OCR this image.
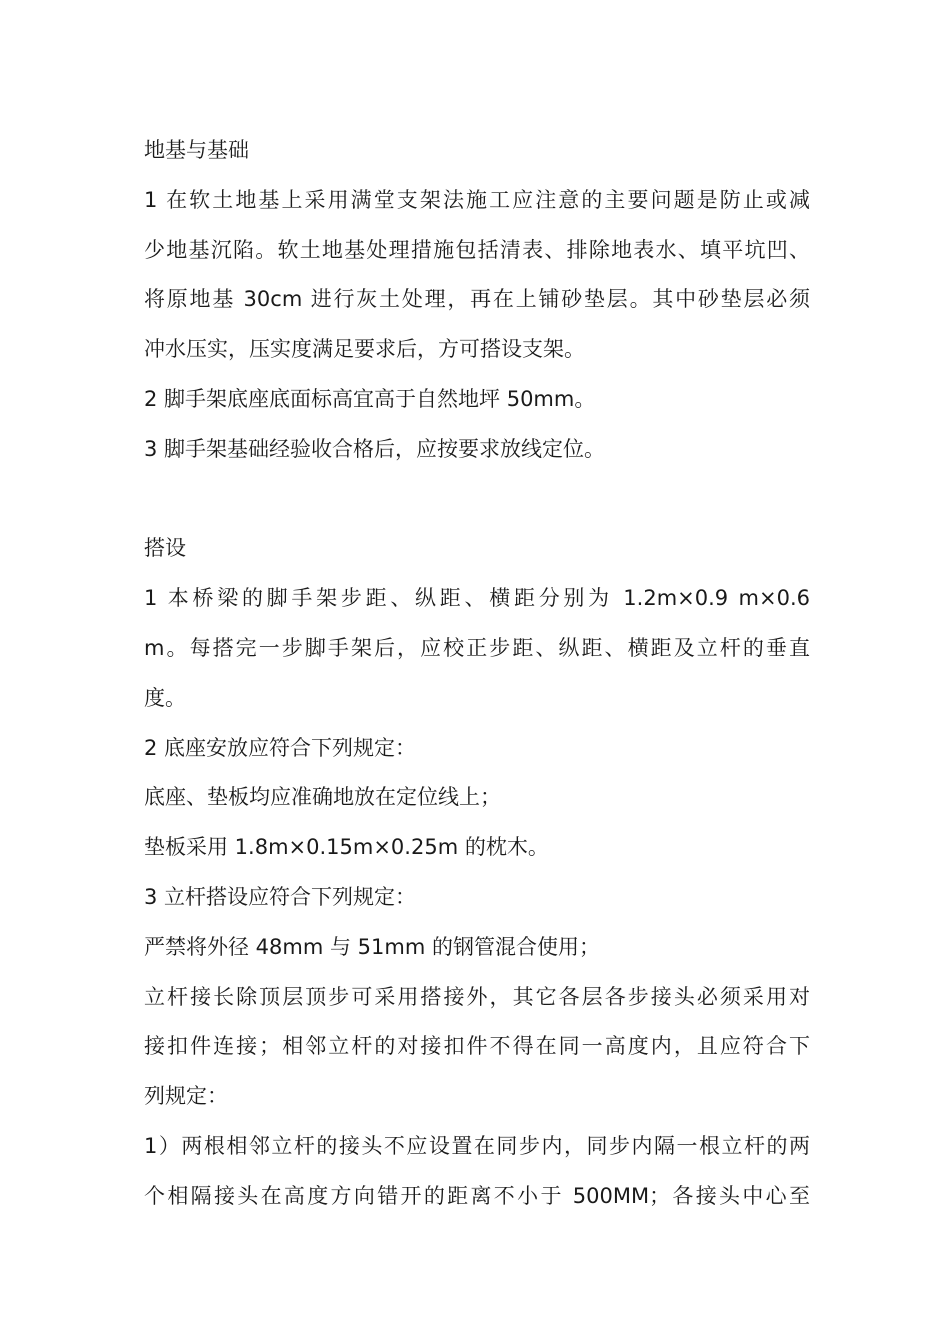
地基与基础
1 在软土地基上采用满堂支架法施工应注意的主要问题是防止或减
少地基沉陷。软土地基处理措施包括清表、排除地表水、填平坑凹、
将原地基 30cm 进行灰土处理，再在上铺砂垫层。其中砂垫层必须
冲水压实，压实度满足要求后，方可搭设支架。
2 脚手架底座底面标高宜高于自然地坪 50mm。
3 脚手架基础经验收合格后，应按要求放线定位。
搭设
1 本桥梁的脚手架步距、纵距、横距分别为 1.2m×0.9 m×0.6
m。每搭完一步脚手架后，应校正步距、纵距、横距及立杆的垂直
度。
2 底座安放应符合下列规定：
底座、垫板均应准确地放在定位线上；
垫板采用 1.8m×0.15m×0.25m 的枕木。
3 立杆搭设应符合下列规定：
严禁将外径 48mm 与 51mm 的钢管混合使用；
立杆接长除顶层顶步可采用搭接外，其它各层各步接头必须采用对
接扣件连接；相邻立杆的对接扣件不得在同一高度内，且应符合下
列规定：
1）两根相邻立杆的接头不应设置在同步内，同步内隔一根立杆的两
个相隔接头在高度方向错开的距离不小于 500MM；各接头中心至
